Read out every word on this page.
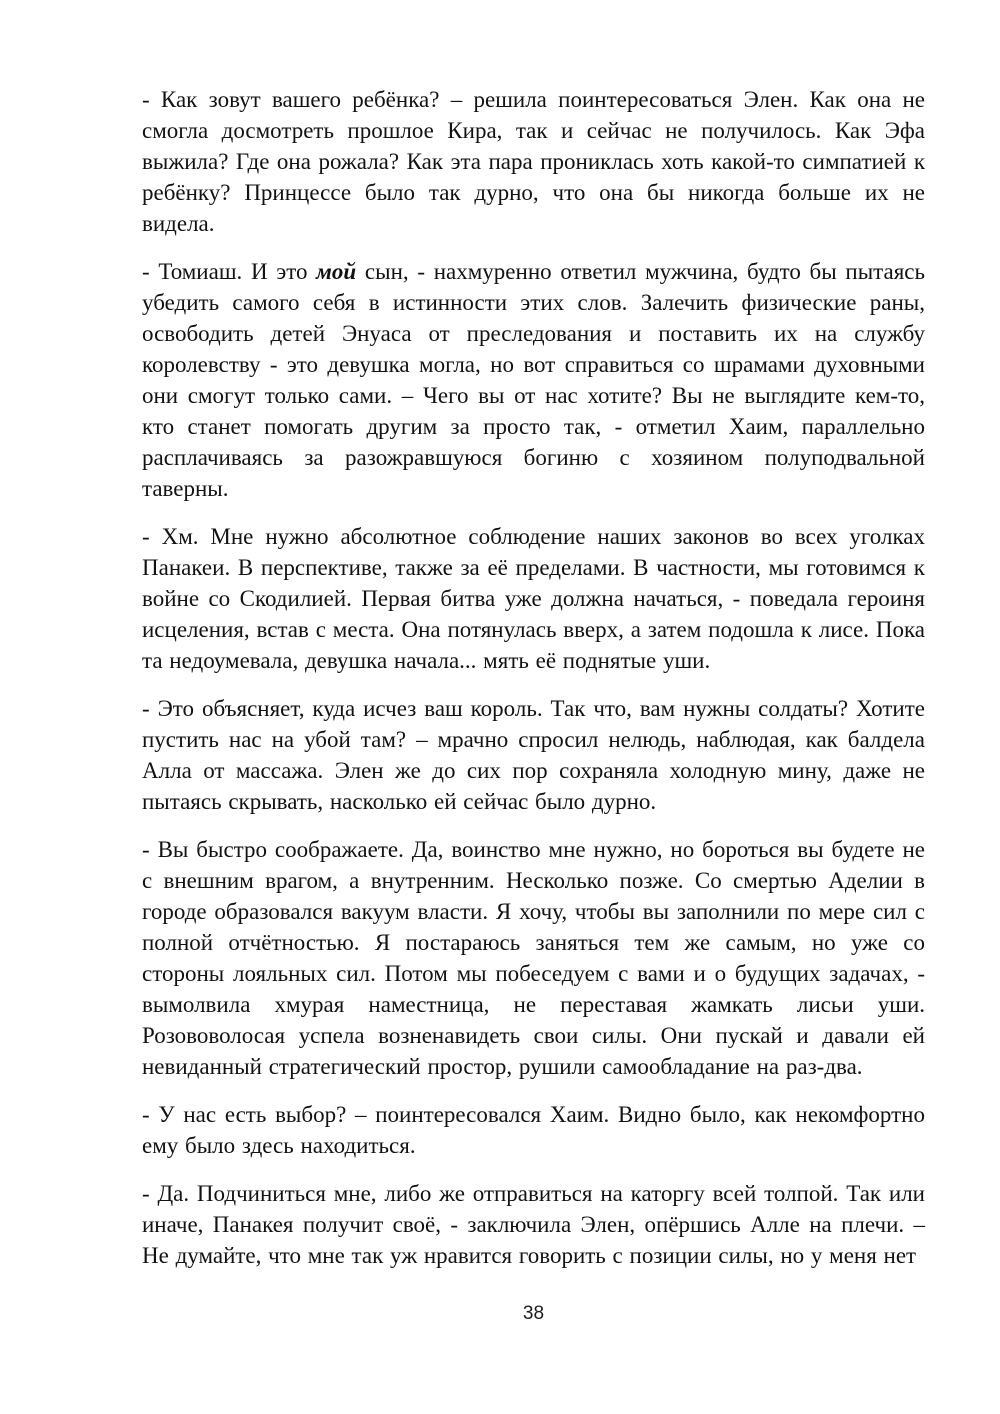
- Как зовут вашего ребёнка? – решила поинтересоваться Элен. Как она не смогла досмотреть прошлое Кира, так и сейчас не получилось. Как Эфа выжила? Где она рожала? Как эта пара прониклась хоть какой-то симпатией к ребёнку? Принцессе было так дурно, что она бы никогда больше их не видела.

- Томиаш. И это мой сын, - нахмуренно ответил мужчина, будто бы пытаясь убедить самого себя в истинности этих слов. Залечить физические раны, освободить детей Энуаса от преследования и поставить их на службу королевству - это девушка могла, но вот справиться со шрамами духовными они смогут только сами. – Чего вы от нас хотите? Вы не выглядите кем-то, кто станет помогать другим за просто так, - отметил Хаим, параллельно расплачиваясь за разожравшуюся богиню с хозяином полуподвальной таверны.

- Хм. Мне нужно абсолютное соблюдение наших законов во всех уголках Панакеи. В перспективе, также за её пределами. В частности, мы готовимся к войне со Скодилией. Первая битва уже должна начаться, - поведала героиня исцеления, встав с места. Она потянулась вверх, а затем подошла к лисе. Пока та недоумевала, девушка начала... мять её поднятые уши.

- Это объясняет, куда исчез ваш король. Так что, вам нужны солдаты? Хотите пустить нас на убой там? – мрачно спросил нелюдь, наблюдая, как балдела Алла от массажа. Элен же до сих пор сохраняла холодную мину, даже не пытаясь скрывать, насколько ей сейчас было дурно.

- Вы быстро соображаете. Да, воинство мне нужно, но бороться вы будете не с внешним врагом, а внутренним. Несколько позже. Со смертью Аделии в городе образовался вакуум власти. Я хочу, чтобы вы заполнили по мере сил с полной отчётностью. Я постараюсь заняться тем же самым, но уже со стороны лояльных сил. Потом мы побеседуем с вами и о будущих задачах, - вымолвила хмурая наместница, не переставая жамкать лисьи уши. Розововолосая успела возненавидеть свои силы. Они пускай и давали ей невиданный стратегический простор, рушили самообладание на раз-два.

- У нас есть выбор? – поинтересовался Хаим. Видно было, как некомфортно ему было здесь находиться.

- Да. Подчиниться мне, либо же отправиться на каторгу всей толпой. Так или иначе, Панакея получит своё, - заключила Элен, опёршись Алле на плечи. – Не думайте, что мне так уж нравится говорить с позиции силы, но у меня нет

38
